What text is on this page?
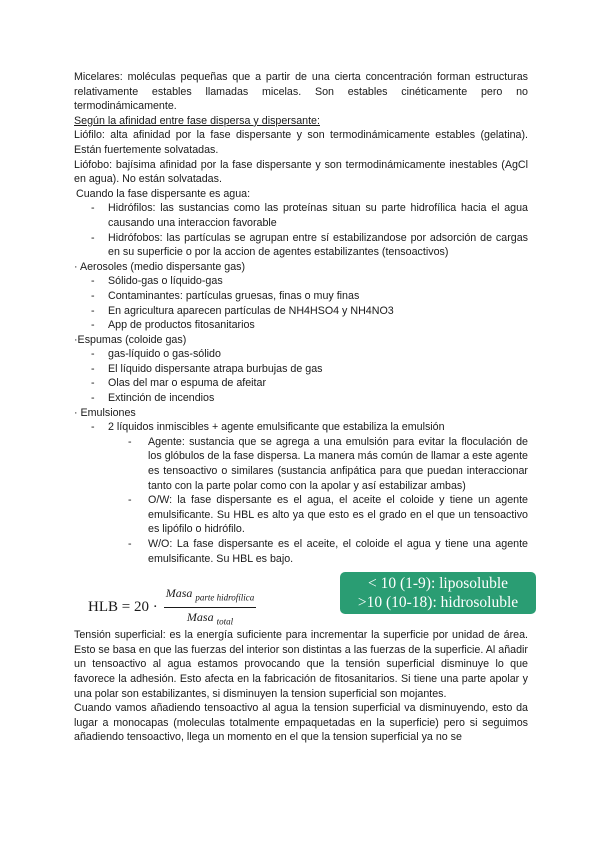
Micelares: moléculas pequeñas que a partir de una cierta concentración forman estructuras relativamente estables llamadas micelas. Son estables cinéticamente pero no termodinámicamente.

Según la afinidad entre fase dispersa y dispersante:

Liófilo: alta afinidad por la fase dispersante y son termodinámicamente estables (gelatina). Están fuertemente solvatadas.

Liófobo: bajísima afinidad por la fase dispersante y son termodinámicamente inestables (AgCl en agua). No están solvatadas.

Cuando la fase dispersante es agua:

- Hidrófilos: las sustancias como las proteínas situan su parte hidrofílica hacia el agua causando una interaccion favorable
- Hidrófobos: las partículas se agrupan entre sí estabilizandose por adsorción de cargas en su superficie o por la accion de agentes estabilizantes (tensoactivos)

· Aerosoles (medio dispersante gas)

- Sólido-gas o líquido-gas
- Contaminantes: partículas gruesas, finas o muy finas
- En agricultura aparecen partículas de NH4HSO4 y NH4NO3
- App de productos fitosanitarios

·Espumas (coloide gas)

- gas-líquido o gas-sólido
- El líquido dispersante atrapa burbujas de gas
- Olas del mar o espuma de afeitar
- Extinción de incendios

· Emulsiones

- 2 líquidos inmiscibles + agente emulsificante que estabiliza la emulsión
- Agente: sustancia que se agrega a una emulsión para evitar la floculación de los glóbulos de la fase dispersa. La manera más común de llamar a este agente es tensoactivo o similares (sustancia anfipática para que puedan interaccionar tanto con la parte polar como con la apolar y así estabilizar ambas)
- O/W: la fase dispersante es el agua, el aceite el coloide y tiene un agente emulsificante. Su HBL es alto ya que esto es el grado en el que un tensoactivo es lipófilo o hidrófilo.
- W/O: La fase dispersante es el aceite, el coloide el agua y tiene una agente emulsificante. Su HBL es bajo.
HLB = $20 \cdot \frac{Masa _{parte hidrofílica}}{Masa _{total}}$
< 10 (1-9): liposoluble
>10 (10-18): hidrosoluble

Tensión superficial: es la energía suficiente para incrementar la superficie por unidad de área. Esto se basa en que las fuerzas del interior son distintas a las fuerzas de la superficie. Al añadir un tensoactivo al agua estamos provocando que la tensión superficial disminuye lo que favorece la adhesión. Esto afecta en la fabricación de fitosanitarios. Si tiene una parte apolar y una polar son estabilizantes, si disminuyen la tension superficial son mojantes.

Cuando vamos añadiendo tensoactivo al agua la tension superficial va disminuyendo, esto da lugar a monocapas (moleculas totalmente empaquetadas en la superficie) pero si seguimos añadiendo tensoactivo, llega un momento en el que la tension superficial ya no se
